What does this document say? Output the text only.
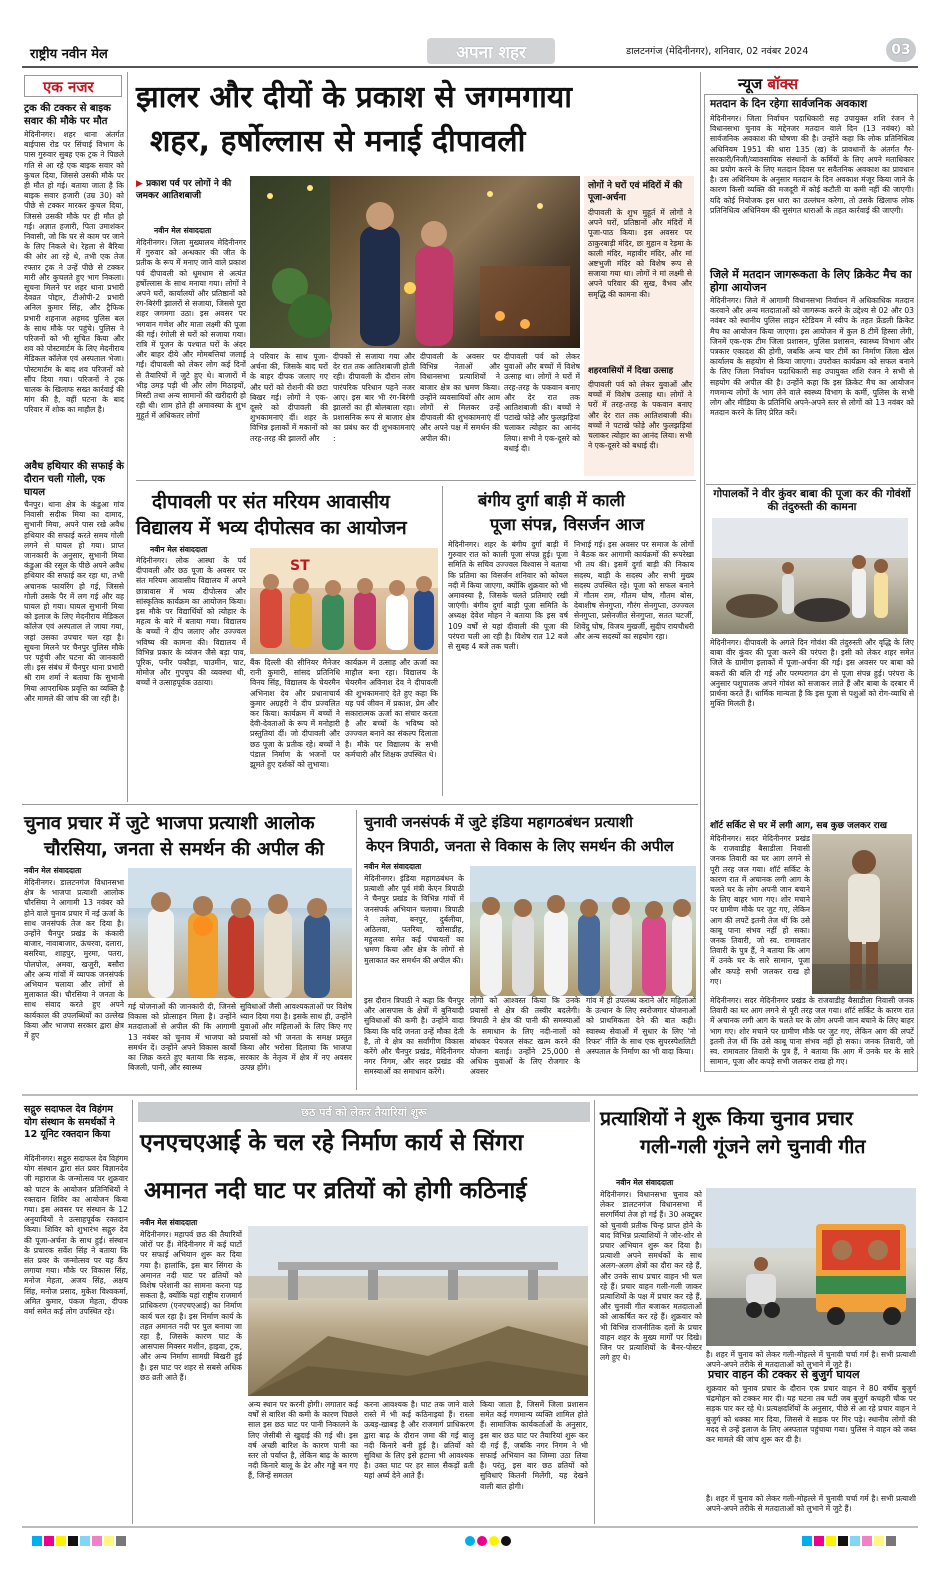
राष्ट्रीय नवीन मेल	अपना शहर	डालटनगंज (मेदिनीनगर), शनिवार, 02 नवंबर 2024	03
एक नजर
ट्रक की टक्कर से बाइक सवार की मौके पर मौत
मेदिनीनगर। शहर थाना अंतर्गत बाईपास रोड पर सिंचाई विभाग के पास गुरुवार सुबह एक ट्रक ने पिछले गति से आ रहे एक बाइक सवार को कुचल दिया, जिससे उसकी मौके पर ही मौत हो गई। बताया जाता है कि बाइक सवार हजारी (उम्र 30) को पीछे से टक्कर मारकर कुचल दिया, जिससे उसकी मौके पर ही मौत हो गई। अज्ञात हजारी, पिता उमाशंकर निवासी, जो कि घर से काम पर जाने के लिए निकले थे। रेहला से बैरिया की ओर आ रहे थे, तभी एक तेज रफ्तार ट्रक ने उन्हें पीछे से टक्कर मारी और कुचलते हुए भाग निकला। सूचना मिलने पर शहर थाना प्रभारी देवव्रत पोद्दार, टीओपी-2 प्रभारी अनिल कुमार सिंह, और ट्रैफिक प्रभारी शहनाज अहमद पुलिस बल के साथ मौके पर पहुंचे। पुलिस ने परिजनों को भी सूचित किया और शव को पोस्टमार्टम के लिए मेदनीराय मेडिकल कॉलेज एवं अस्पताल भेजा। पोस्टमार्टम के बाद शव परिजनों को सौंप दिया गया। परिजनों ने ट्रक चालक के खिलाफ सख्त कार्रवाई की मांग की है, वहीं घटना के बाद परिवार में शोक का माहौल है।
अवैध हथियार की सफाई के दौरान चली गोली, एक घायल
चैनपुर। थाना क्षेत्र के कंडुआ गांव निवासी सदीक मिया का दामाद, सुभानी मिया, अपने पास रखे अवैध हथियार की सफाई करते समय गोली लगने से घायल हो गया। प्राप्त जानकारी के अनुसार, सुभानी मिया कंडुआ की रसूल के पीछे अपने अवैध हथियार की सफाई कर रहा था, तभी अचानक फायरिंग हो गई, जिससे गोली उसके पैर में लग गई और वह घायल हो गया। घायल सुभानी मिया को इलाज के लिए मेदनीराय मेडिकल कॉलेज एवं अस्पताल ले जाया गया, जहां उसका उपचार चल रहा है। सूचना मिलने पर चैनपुर पुलिस मौके पर पहुंची और घटना की जानकारी ली। इस संबंध में चैनपुर थाना प्रभारी श्री राम शर्मा ने बताया कि सुभानी मिया आपराधिक प्रवृत्ति का व्यक्ति है और मामले की जांच की जा रही है।
झालर और दीयों के प्रकाश से जगमगाया
शहर, हर्षोल्लास से मनाई दीपावली
▶ प्रकाश पर्व पर लोगों ने की जमकर आतिशबाजी
नवीन मेल संवाददाता
मेदिनीनगर। जिला मुख्यालय मेदिनीनगर में गुरुवार को अन्धकार की जीत के प्रतीक के रूप में मनाए जाने वाले प्रकाश पर्व दीपावली को धूमधाम से अत्यंत हर्षोल्लास के साथ मनाया गया। लोगों ने अपने घरों, कार्यालयों और प्रतिष्ठानों को रंग-बिरंगी झालरों से सजाया, जिससे पूरा शहर जगमगा उठा। इस अवसर पर भगवान गणेश और माता लक्ष्मी की पूजा की गई। रंगोली से घरों को सजाया गया। रात्रि में पूजन के पश्चात घरों के अंदर और बाहर दीये और मोमबत्तियां जलाई गईं। दीपावली को लेकर लोग कई दिनों से तैयारियों में जुटे हुए थे। बाजारों में भीड़ उमड़ पड़ी थी और लोग मिठाइयों, मिस्टी तथा अन्य सामानों की खरीदारी हो रही थी। शाम होते ही अमावस्या के शुभ मुहूर्त में अधिकतर लोगों
ने परिवार के साथ पूजा-अर्चना की, जिसके बाद घरों के बाहर दीपक जलाए गए और घरों को रोशनी की छटा बिखर गई। लोगों ने एक-दूसरे को दीपावली की शुभकामनाएं दीं। शहर के विभिन्न इलाकों में मकानों को तरह-तरह की झालरों और
दीपकों से सजाया गया और देर रात तक आतिशबाजी होती रही। दीपावली के दौरान लोग पारंपरिक परिधान पहने नजर आए। इस बार भी रंग-बिरंगी झालरों का ही बोलबाला रहा। प्रशासनिक रूप से बाजार क्षेत्र का प्रबंध कर दी शुभकामनाएं :
दीपावली के अवसर पर विभिन्न नेताओं और विधानसभा प्रत्याशियों ने बाजार क्षेत्र का भ्रमण किया। उन्होंने व्यवसायियों और आम लोगों से मिलकर उन्हें दीपावली की शुभकामनाएं दीं और अपने पक्ष में समर्थन की अपील की।
दीपावली पर्व को लेकर युवाओं और बच्चों में विशेष उत्साह था। लोगों ने घरों में तरह-तरह के पकवान बनाए और देर रात तक आतिशबाजी की। बच्चों ने पटाखे फोड़े और फुलझड़ियां चलाकर त्योहार का आनंद लिया। सभी ने एक-दूसरे को बधाई दी।
लोगों ने घरों एवं मंदिरों में की पूजा-अर्चना
दीपावली के शुभ मुहूर्त में लोगों ने अपने घरों, प्रतिष्ठानों और मंदिरों में पूजा-पाठ किया। इस अवसर पर ठाकुरबाड़ी मंदिर, छः मुहान व रेड़मा के काली मंदिर, महावीर मंदिर, और मां अष्टभुजी मंदिर को विशेष रूप से सजाया गया था। लोगों ने मां लक्ष्मी से अपने परिवार की सुख, वैभव और समृद्धि की कामना की।
शहरवासियों में दिखा उत्साह
दीपावली पर्व को लेकर युवाओं और बच्चों में विशेष उत्साह था। लोगों ने घरों में तरह-तरह के पकवान बनाए और देर रात तक आतिशबाजी की। बच्चों ने पटाखे फोड़े और फुलझड़ियां चलाकर त्योहार का आनंद लिया। सभी ने एक-दूसरे को बधाई दी।
दीपावली पर संत मरियम आवासीय
विद्यालय में भव्य दीपोत्सव का आयोजन
नवीन मेल संवाददाता
मेदिनीनगर। लोक आस्था के पर्व दीपावली और छठ पूजा के अवसर पर संत मरियम आवासीय विद्यालय में अपने छात्रावास में भव्य दीपोत्सव और सांस्कृतिक कार्यक्रम का आयोजन किया। इस मौके पर विद्यार्थियों को त्योहार के महत्व के बारे में बताया गया। विद्यालय के बच्चों ने दीप जलाए और उज्ज्वल भविष्य की कामना की। विद्यालय में विभिन्न प्रकार के व्यंजन जैसे बड़ा पाव, पूरिक, पनीर पकौड़ा, चाउमीन, चाट, मोमोज और गुपचुप की व्यवस्था थी, बच्चों ने उत्साहपूर्वक उठाया।
ST
बैंक दिल्ली की सीनियर मैनेजर रानी कुमारी, सांसद प्रतिनिधि विनय सिंह, विद्यालय के चेयरमैन अभिनाश देव और प्रधानाचार्य कुमार अग्रहरी ने दीप प्रज्वलित कर किया। कार्यक्रम में बच्चों ने देवी-देवताओं के रूप में मनोहारी प्रस्तुतियां दीं। जो दीपावली और छठ पूजा के प्रतीक रहे। बच्चों ने पंडाल निर्माण के भजनों पर झूमते हुए दर्शकों को लुभाया।
कार्यक्रम में उत्साह और ऊर्जा का माहौल बना रहा। विद्यालय के चेयरमैन अविनाश देव ने दीपावली की शुभकामनाएं देते हुए कहा कि यह पर्व जीवन में प्रकाश, प्रेम और सकारात्मक ऊर्जा का संचार करता है और बच्चों के भविष्य को उज्ज्वल बनाने का संकल्प दिलाता है। मौके पर विद्यालय के सभी कर्मचारी और शिक्षक उपस्थित थे।
बंगीय दुर्गा बाड़ी में काली
पूजा संपन्न, विसर्जन आज
मेदिनीनगर। शहर के बंगीय दुर्गा बाड़ी में गुरुवार रात को काली पूजा संपन्न हुई। पूजा समिति के सचिव उज्ज्वल विश्वास ने बताया कि प्रतिमा का विसर्जन शनिवार को कोयल नदी में किया जाएगा, क्योंकि शुक्रवार को भी अमावस्या है, जिसके चलते प्रतिमाएं रखी जाएंगी। बंगीय दुर्गा बाड़ी पूजा समिति के अध्यक्ष देवेश मोहन ने बताया कि इस वर्ष 109 वर्षों से यहां दीवाली की पूजा की परंपरा चली आ रही है। विशेष रात 12 बजे से सुबह 4 बजे तक चली।
निभाई गई। इस अवसर पर समाज के लोगों ने बैठक कर आगामी कार्यक्रमों की रूपरेखा भी तय की। इसमें दुर्गा बाड़ी की निकाय सदस्य, बाड़ी के सदस्य और सभी मुख्य सदस्य उपस्थित रहे। पूजा को सफल बनाने में गौतम राम, गौतम घोष, गौतम बोस, देबाशीष सेनगुप्ता, गौरंग सेनगुप्ता, उज्ज्वल सेनगुप्ता, प्रसेनजीत सेनगुप्ता, सतत चटर्जी, शिवेंदु घोष, विजय मुखर्जी, सुदीप रायचौधरी और अन्य सदस्यों का सहयोग रहा।
चुनाव प्रचार में जुटे भाजपा प्रत्याशी आलोक
चौरसिया, जनता से समर्थन की अपील की
नवीन मेल संवाददाता
मेदिनीनगर। डालटनगंज विधानसभा क्षेत्र के भाजपा प्रत्याशी आलोक चौरसिया ने आगामी 13 नवंबर को होने वाले चुनाव प्रचार में नई ऊर्जा के साथ जनसंपर्क तेज कर दिया है। उन्होंने चैनपुर प्रखंड के कंकारी बाजार, नावाबाजार, ऊंचरवा, दलारा, बसरिया, शाहपुर, मुरमा, पतरा, पोलपोल, अमवा, खजुरी, बसौरा और अन्य गांवों में व्यापक जनसंपर्क अभियान चलाया और लोगों से मुलाकात की। चौरसिया ने जनता के साथ संवाद करते हुए अपने कार्यकाल की उपलब्धियों का उल्लेख किया और भाजपा सरकार द्वारा क्षेत्र में हुए
गई योजनाओं की जानकारी दी, जिनसे विकास को प्रोत्साहन मिला है। उन्होंने मतदाताओं से अपील की कि आगामी 13 नवंबर को चुनाव में भाजपा को समर्थन दें। उन्होंने अपने विकास कार्यों का जिक्र करते हुए बताया कि सड़क, बिजली, पानी, और स्वास्थ्य
सुविधाओं जैसी आवश्यकताओं पर विशेष ध्यान दिया गया है। इसके साथ ही, उन्होंने युवाओं और महिलाओं के लिए किए गए प्रयासों को भी जनता के समक्ष प्रस्तुत किया और भरोसा दिलाया कि भाजपा सरकार के नेतृत्व में क्षेत्र में नए अवसर उत्पन्न होंगे।
चुनावी जनसंपर्क में जुटे इंडिया महागठबंधन प्रत्याशी
केएन त्रिपाठी, जनता से विकास के लिए समर्थन की अपील
नवीन मेल संवाददाता
मेदिनीनगर। इंडिया महागठबंधन के प्रत्याशी और पूर्व मंत्री केएन त्रिपाठी ने चैनपुर प्रखंड के विभिन्न गांवों में जनसंपर्क अभियान चलाया। त्रिपाठी ने तलेया, बनपुर, दुर्बलीया, अठिलवा, पतरिया, खोसाडीह, महुलवा समेत कई पंचायतों का भ्रमण किया और क्षेत्र के लोगों से मुलाकात कर समर्थन की अपील की।
इस दौरान त्रिपाठी ने कहा कि चैनपुर और आसपास के क्षेत्रों में बुनियादी सुविधाओं की कमी है। उन्होंने वादा किया कि यदि जनता उन्हें मौका देती है, तो वे क्षेत्र का सर्वांगीण विकास करेंगे और चैनपुर प्रखंड, मेदिनीनगर नगर निगम, और सदर प्रखंड की समस्याओं का समाधान करेंगे।
लोगों को आश्वस्त किया कि उनके प्रयासों से क्षेत्र की तस्वीर बदलेगी। त्रिपाठी ने क्षेत्र की पानी की समस्याओं के समाधान के लिए नदी-नालों को बांधकर पेयजल संकट खत्म करने की योजना बताई। उन्होंने 25,000 से अधिक युवाओं के लिए रोजगार के अवसर
गांव में ही उपलब्ध कराने और महिलाओं के उत्थान के लिए स्वरोजगार योजनाओं को प्राथमिकता देने की बात कही। स्वास्थ्य सेवाओं में सुधार के लिए 'नो रिफर' नीति के साथ एक सुपरस्पेशलिटी अस्पताल के निर्माण का भी वादा किया।
न्यूज बॉक्स
मतदान के दिन रहेगा सार्वजनिक अवकाश
मेदिनीनगर। जिला निर्वाचन पदाधिकारी सह उपायुक्त शशि रंजन ने विधानसभा चुनाव के मद्देनजर मतदान वाले दिन (13 नवंबर) को सार्वजनिक अवकाश की घोषणा की है। उन्होंने कहा कि लोक प्रतिनिधित्व अधिनियम 1951 की धारा 135 (ख) के प्रावधानों के अंतर्गत गैर-सरकारी/निजी/व्यावसायिक संस्थानों के कर्मियों के लिए अपने मताधिकार का प्रयोग करने के लिए मतदान दिवस पर सवैतनिक अवकाश का प्रावधान है। उस अधिनियम के अनुसार मतदान के दिन अवकाश मंजूर किया जाने के कारण किसी व्यक्ति की मजदूरी में कोई कटौती या कमी नहीं की जाएगी। यदि कोई नियोजक इस धारा का उल्लंघन करेगा, तो उसके खिलाफ लोक प्रतिनिधित्व अधिनियम की सुसंगत धाराओं के तहत कार्रवाई की जाएगी।
जिले में मतदान जागरूकता के लिए क्रिकेट मैच का होगा आयोजन
मेदिनीनगर। जिले में आगामी विधानसभा निर्वाचन में अधिकाधिक मतदान करवाने और अन्य मतदाताओं को जागरूक करने के उद्देश्य से 02 और 03 नवंबर को स्थानीय पुलिस लाइन स्टेडियम में स्वीप के तहत फ्रेंडली क्रिकेट मैच का आयोजन किया जाएगा। इस आयोजन में कुल 8 टीमें हिस्सा लेंगी, जिनमें एक-एक टीम जिला प्रशासन, पुलिस प्रशासन, स्वास्थ्य विभाग और पत्रकार एकादश की होगी, जबकि अन्य चार टीमें का निर्माण जिला खेल कार्यालय के सहयोग से किया जाएगा। उपरोक्त कार्यक्रम को सफल बनाने के लिए जिला निर्वाचन पदाधिकारी सह उपायुक्त शशि रंजन ने सभी से सहयोग की अपील की है। उन्होंने कहा कि इस क्रिकेट मैच का आयोजन गणमान्य लोगों के भाग लेने वाले स्वस्थ्य विभाग के कर्मी, पुलिस के सभी लोग और मीडिया के प्रतिनिधि अपने-अपने स्तर से लोगों को 13 नवंबर को मतदान करने के लिए प्रेरित करें।
गोपालकों ने वीर कुंवर बाबा की पूजा कर की गोवंशों की तंदुरुस्ती की कामना
मेदिनीनगर। दीपावली के अगले दिन गोवंश की तंदुरुस्ती और वृद्धि के लिए बाबा वीर कुंवर की पूजा करने की परंपरा है। इसी को लेकर शहर समेत जिले के ग्रामीण इलाकों में पूजा-अर्चना की गई। इस अवसर पर बाबा को बकरों की बलि दी गई और परम्परागत ढंग से पूजा संपन्न हुई। परंपरा के अनुसार पशुपालक अपने गोवंश को सजाकर लाते हैं और बाबा के दरबार में प्रार्थना करते हैं। धार्मिक मान्यता है कि इस पूजा से पशुओं को रोग-व्याधि से मुक्ति मिलती है।
शॉर्ट सर्किट से घर में लगी आग, सब कुछ जलकर राख
मेदिनीनगर। सदर मेदिनीनगर प्रखंड के राजवाडीह बैसाडीला निवासी जनक तिवारी का घर आग लगने से पूरी तरह जल गया। शॉर्ट सर्किट के कारण रात में अचानक लगी आग के चलते घर के लोग अपनी जान बचाने के लिए बाहर भाग गए। शोर मचाने पर ग्रामीण मौके पर जुट गए, लेकिन आग की लपटें इतनी तेज थीं कि उसे काबू पाना संभव नहीं हो सका। जनक तिवारी, जो स्व. रामावतार तिवारी के पुत्र हैं, ने बताया कि आग में उनके घर के सारे सामान, पूजा और कपड़े सभी जलकर राख हो गए।
मेदिनीनगर। सदर मेदिनीनगर प्रखंड के राजवाडीह बैसाडीला निवासी जनक तिवारी का घर आग लगने से पूरी तरह जल गया। शॉर्ट सर्किट के कारण रात में अचानक लगी आग के चलते घर के लोग अपनी जान बचाने के लिए बाहर भाग गए। शोर मचाने पर ग्रामीण मौके पर जुट गए, लेकिन आग की लपटें इतनी तेज थीं कि उसे काबू पाना संभव नहीं हो सका। जनक तिवारी, जो स्व. रामावतार तिवारी के पुत्र हैं, ने बताया कि आग में उनके घर के सारे सामान, पूजा और कपड़े सभी जलकर राख हो गए।
सद्गुरु सदाफल देव विहंगम योग संस्थान के समर्थकों ने 12 यूनिट रक्तदान किया
मेदिनीनगर। सद्गुरु सदाफल देव विहंगम योग संस्थान द्वारा संत प्रवर विज्ञानदेव जी महाराज के जन्मोत्सव पर शुक्रवार को पाटन के आयोजन प्रतिनिधियों ने रक्तदान शिविर का आयोजन किया गया। इस अवसर पर संस्थान के 12 अनुयायियों ने उत्साहपूर्वक रक्तदान किया। शिविर को शुभारंभ सद्गुरु देव की पूजा-अर्चना के साथ हुई। संस्थान के प्रचारक सर्वेश सिंह ने बताया कि संत प्रवर के जन्मोत्सव पर यह कैंप लगाया गया। मौके पर विकास सिंह, मनोज मेहता, अजय सिंह, अक्षय सिंह, मनोज प्रसाद, मुकेश विश्वकर्मा, अमित कुमार, पंकज मेहता, दीपक वर्मा समेत कई लोग उपस्थित रहे।
छठ पर्व को लेकर तैयारियां शुरू
एनएचएआई के चल रहे निर्माण कार्य से सिंगरा
अमानत नदी घाट पर व्रतियों को होगी कठिनाई
नवीन मेल संवाददाता
मेदिनीनगर। महापर्व छठ की तैयारियों जोरों पर हैं। मेदिनीनगर में कई घाटों पर सफाई अभियान शुरू कर दिया गया है। हालांकि, इस बार सिंगरा के अमानत नदी घाट पर व्रतियों को विशेष परेशानी का सामना करना पड़ सकता है, क्योंकि यहां राष्ट्रीय राजमार्ग प्राधिकरण (एनएचएआई) का निर्माण कार्य चल रहा है। इस निर्माण कार्य के तहत अमानत नदी पर पुल बनाया जा रहा है, जिसके कारण घाट के आसपास मिक्सर मशीन, हाइवा, ट्रक, और अन्य निर्माण सामग्री बिखरी हुई है। इस घाट पर शहर से सबसे अधिक छठ व्रती आते हैं।
अन्य स्थान पर करनी होगी। लगातार कई वर्षों से बारिश की कमी के कारण पिछले साल इस छठ घाट पर पानी निकालने के लिए जेसीबी से खुदाई की गई थी। इस वर्ष अच्छी बारिश के कारण पानी का स्तर तो पर्याप्त है, लेकिन बाढ़ के कारण नदी किनारे बालू के ढेर और गड्ढे बन गए हैं, जिन्हें समतल
करना आवश्यक है। घाट तक जाने वाले रास्ते में भी कई कठिनाइयां हैं। रास्ता ऊबड़-खाबड़ है और राजमार्ग प्राधिकरण द्वारा बाढ़ के दौरान जमा की गई बालू नदी किनारे बनी हुई है। व्रतियों को सुविधा के लिए इसे हटाना भी आवश्यक है। उक्त घाट पर हर साल सैकड़ों व्रती यहां अर्घ्य देने आते हैं।
किया जाता है, जिसमें जिला प्रशासन समेत कई गणमान्य व्यक्ति शामिल होते हैं। सामाजिक कार्यकर्ताओं के अनुसार, इस बार छठ घाट पर तैयारियां शुरू कर दी गई हैं, जबकि नगर निगम ने भी सफाई अभियान का जिम्मा उठा लिया है। परंतु, इस बार छठ व्रतियों को सुविधाएं कितनी मिलेंगी, यह देखने वाली बात होगी।
प्रत्याशियों ने शुरू किया चुनाव प्रचार
गली-गली गूंजने लगे चुनावी गीत
नवीन मेल संवाददाता
मेदिनीनगर। विधानसभा चुनाव को लेकर डालटनगंज विधानसभा में सरगर्मियां तेज हो गई हैं। 30 अक्टूबर को चुनावी प्रतीक चिन्ह प्राप्त होने के बाद विभिन्न प्रत्याशियों ने जोर-शोर से प्रचार अभियान शुरू कर दिया है। प्रत्याशी अपने समर्थकों के साथ अलग-अलग क्षेत्रों का दौरा कर रहे हैं, और उनके साथ प्रचार वाहन भी चल रहे हैं। प्रचार वाहन गली-गली जाकर प्रत्याशियों के पक्ष में प्रचार कर रहे हैं, और चुनावी गीत बजाकर मतदाताओं को आकर्षित कर रहे हैं। शुक्रवार को भी विभिन्न राजनीतिक दलों के प्रचार वाहन शहर के मुख्य मार्गों पर दिखे। जिन पर प्रत्याशियों के बैनर-पोस्टर लगे हुए थे।	है। शहर में चुनाव को लेकर गली-मोहल्ले में चुनावी चर्चा गर्म है। सभी प्रत्याशी अपने-अपने तरीके से मतदाताओं को लुभाने में जुटे हैं।
प्रचार वाहन की टक्कर से बुजुर्ग घायल
शुक्रवार को चुनाव प्रचार के दौरान एक प्रचार वाहन ने 80 वर्षीय बुजुर्ग चंद्रमोहन को टक्कर मार दी। यह घटना तब घटी जब बुजुर्ग कचहरी चौक पर सड़क पार कर रहे थे। प्रत्यक्षदर्शियों के अनुसार, पीछे से आ रहे प्रचार वाहन ने बुजुर्ग को धक्का मार दिया, जिससे वे सड़क पर गिर पड़े। स्थानीय लोगों की मदद से उन्हें इलाज के लिए अस्पताल पहुंचाया गया। पुलिस ने वाहन को जब्त कर मामले की जांच शुरू कर दी है।
है। शहर में चुनाव को लेकर गली-मोहल्ले में चुनावी चर्चा गर्म है। सभी प्रत्याशी अपने-अपने तरीके से मतदाताओं को लुभाने में जुटे हैं।
